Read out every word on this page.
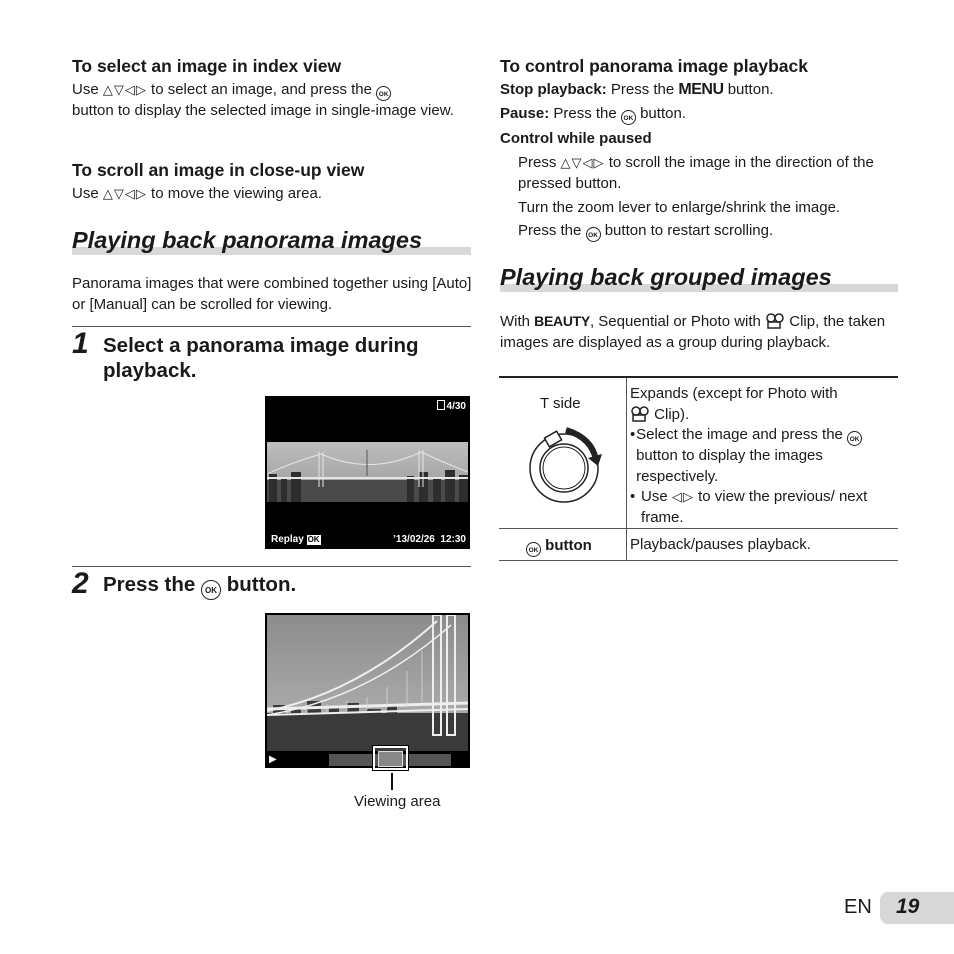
To select an image in index view
Use △▽◁▷ to select an image, and press the OK
button to display the selected image in single-image view.
To scroll an image in close-up view
Use △▽◁▷ to move the viewing area.
Playing back panorama images
Panorama images that were combined together using [Auto] or [Manual] can be scrolled for viewing.
1 Select a panorama image during playback.
4/30
Replay OK	’13/02/26 12:30
2 Press the OK button.
▶
Viewing area
To control panorama image playback
Stop playback: Press the MENU button.
Pause: Press the OK button.
Control while paused
Press △▽◁▷ to scroll the image in the direction of the pressed button.
Turn the zoom lever to enlarge/shrink the image.
Press the OK button to restart scrolling.
Playing back grouped images
With BEAUTY, Sequential or Photo with Clip, the taken images are displayed as a group during playback.
T side
Expands (except for Photo with
Clip).
• Select the image and press the OK button to display the images respectively.
• Use ◁▷ to view the previous/ next frame.
OK button	Playback/pauses playback.
EN 19
